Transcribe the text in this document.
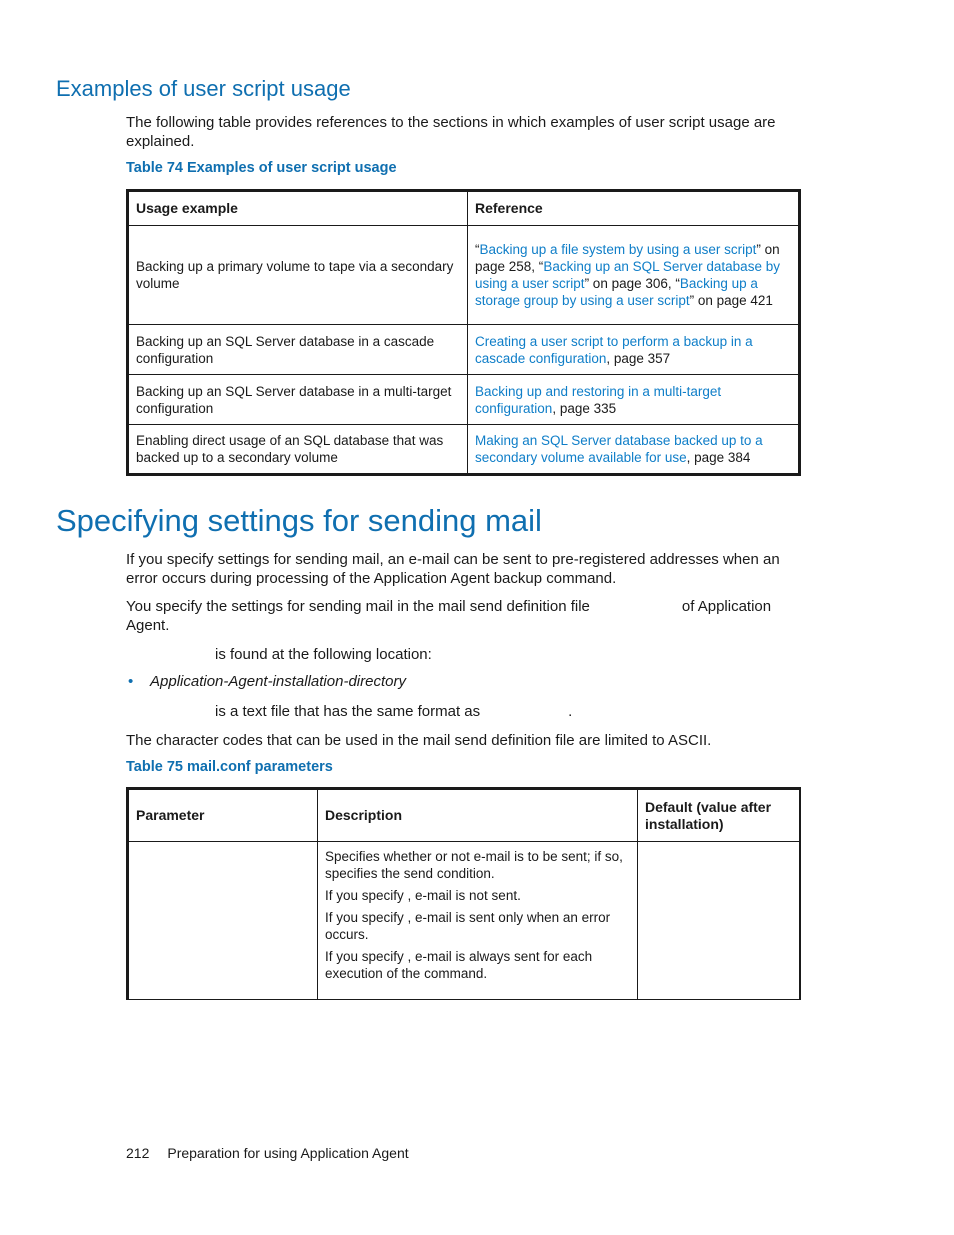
Examples of user script usage

The following table provides references to the sections in which examples of user script usage are explained.

Table 74 Examples of user script usage

Usage example	Reference
Backing up a primary volume to tape via a secondary volume	“Backing up a file system by using a user script” on page 258, “Backing up an SQL Server database by using a user script” on page 306, “Backing up a storage group by using a user script” on page 421
Backing up an SQL Server database in a cascade configuration	Creating a user script to perform a backup in a cascade configuration, page 357
Backing up an SQL Server database in a multi-target configuration	Backing up and restoring in a multi-target configuration, page 335
Enabling direct usage of an SQL database that was backed up to a secondary volume	Making an SQL Server database backed up to a secondary volume available for use, page 384
Specifying settings for sending mail

If you specify settings for sending mail, an e-mail can be sent to pre-registered addresses when an error occurs during processing of the Application Agent backup command.

You specify the settings for sending mail in the mail send definition file	of Application Agent.

is found at the following location:

• Application-Agent-installation-directory

is a text file that has the same format as	.

The character codes that can be used in the mail send definition file are limited to ASCII.

Table 75 mail.conf parameters

Parameter	Description	Default (value after installation)

	Specifies whether or not e-mail is to be sent; if so, specifies the send condition.

If you specify , e-mail is not sent.

If you specify , e-mail is sent only when an error occurs.

If you specify , e-mail is always sent for each execution of the command.	

212 Preparation for using Application Agent
